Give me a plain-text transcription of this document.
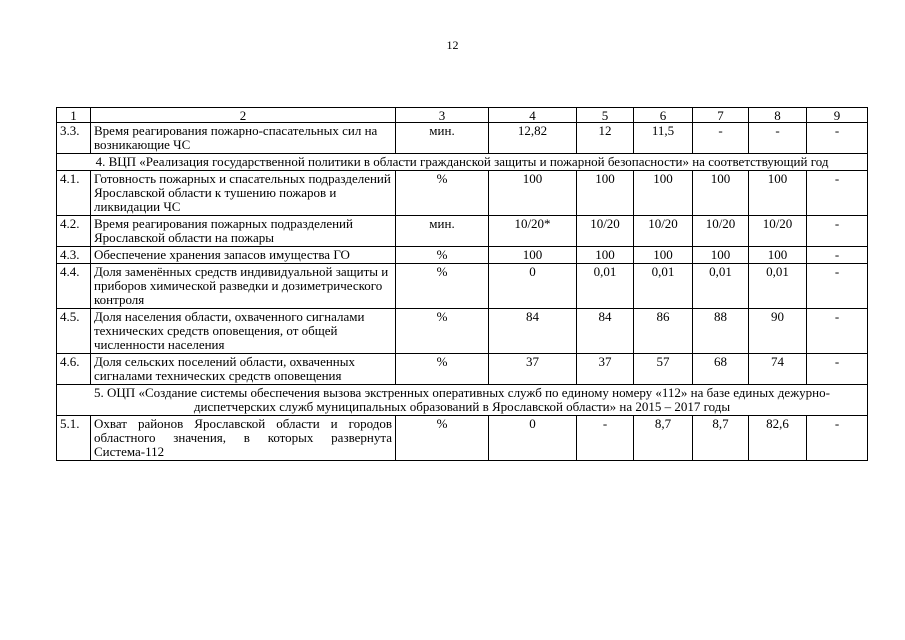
12
1	2	3	4	5	6	7	8	9
3.3.	Время реагирования пожарно-спасательных сил на возникающие ЧС	мин.	12,82	12	11,5	-	-	-
4. ВЦП «Реализация государственной политики в области гражданской защиты и пожарной безопасности» на соответствующий год								
4.1.	Готовность пожарных и спасательных подразделений Ярославской области к тушению пожаров и ликвидации ЧС	%	100	100	100	100	100	-
4.2.	Время реагирования пожарных подразделений Ярославской области на пожары	мин.	10/20*	10/20	10/20	10/20	10/20	-
4.3.	Обеспечение хранения запасов имущества ГО	%	100	100	100	100	100	-
4.4.	Доля заменённых средств индивидуальной защиты и приборов химической разведки и дозиметрического контроля	%	0	0,01	0,01	0,01	0,01	-
4.5.	Доля населения области, охваченного сигналами технических средств оповещения, от общей численности населения	%	84	84	86	88	90	-
4.6.	Доля сельских поселений области, охваченных сигналами технических средств оповещения	%	37	37	57	68	74	-
5. ОЦП «Создание системы обеспечения вызова экстренных оперативных служб по единому номеру «112» на базе единых дежурно-диспетчерских служб муниципальных образований в Ярославской области» на 2015 – 2017 годы								
5.1.	Охват районов Ярославской области и городов областного значения, в которых развернута Система-112	%	0	-	8,7	8,7	82,6	-
